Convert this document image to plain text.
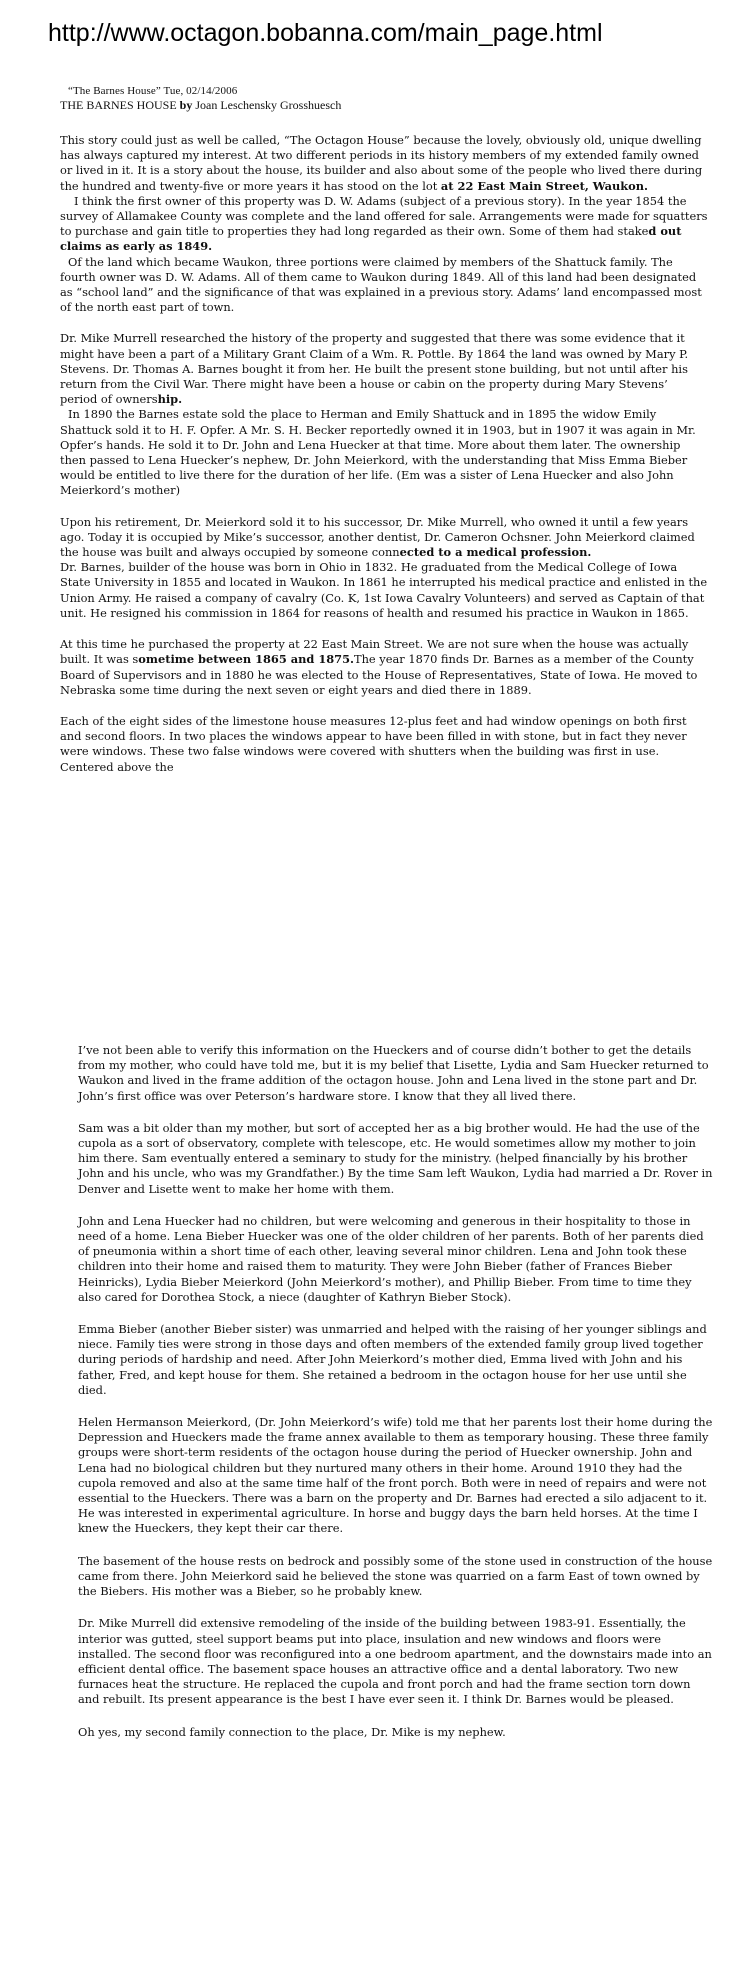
http://www.octagon.bobanna.com/main_page.html
“The Barnes House” Tue, 02/14/2006
THE BARNES HOUSE by Joan Leschensky Grosshuesch

This story could just as well be called, “The Octagon House” because the lovely, obviously old, unique dwelling has always captured my interest. At two different periods in its history members of my extended family owned or lived in it. It is a story about the house, its builder and also about some of the people who lived there during the hundred and twenty-five or more years it has stood on the lot at 22 East Main Street, Waukon.

I think the first owner of this property was D. W. Adams (subject of a previous story). In the year 1854 the survey of Allamakee County was complete and the land offered for sale. Arrangements were made for squatters to purchase and gain title to properties they had long regarded as their own. Some of them had staked out claims as early as 1849.

Of the land which became Waukon, three portions were claimed by members of the Shattuck family. The fourth owner was D. W. Adams. All of them came to Waukon during 1849. All of this land had been designated as “school land” and the significance of that was explained in a previous story. Adams’ land encompassed most of the north east part of town.

Dr. Mike Murrell researched the history of the property and suggested that there was some evidence that it might have been a part of a Military Grant Claim of a Wm. R. Pottle. By 1864 the land was owned by Mary P. Stevens. Dr. Thomas A. Barnes bought it from her. He built the present stone building, but not until after his return from the Civil War. There might have been a house or cabin on the property during Mary Stevens’ period of ownership.

In 1890 the Barnes estate sold the place to Herman and Emily Shattuck and in 1895 the widow Emily Shattuck sold it to H. F. Opfer. A Mr. S. H. Becker reportedly owned it in 1903, but in 1907 it was again in Mr. Opfer’s hands. He sold it to Dr. John and Lena Huecker at that time. More about them later. The ownership then passed to Lena Huecker’s nephew, Dr. John Meierkord, with the understanding that Miss Emma Bieber would be entitled to live there for the duration of her life. (Em was a sister of Lena Huecker and also John Meierkord’s mother)

Upon his retirement, Dr. Meierkord sold it to his successor, Dr. Mike Murrell, who owned it until a few years ago. Today it is occupied by Mike’s successor, another dentist, Dr. Cameron Ochsner. John Meierkord claimed the house was built and always occupied by someone connected to a medical profession.

Dr. Barnes, builder of the house was born in Ohio in 1832. He graduated from the Medical College of Iowa State University in 1855 and located in Waukon. In 1861 he interrupted his medical practice and enlisted in the Union Army. He raised a company of cavalry (Co. K, 1st Iowa Cavalry Volunteers) and served as Captain of that unit. He resigned his commission in 1864 for reasons of health and resumed his practice in Waukon in 1865.

At this time he purchased the property at 22 East Main Street. We are not sure when the house was actually built. It was sometime between 1865 and 1875.The year 1870 finds Dr. Barnes as a member of the County Board of Supervisors and in 1880 he was elected to the House of Representatives, State of Iowa. He moved to Nebraska some time during the next seven or eight years and died there in 1889.

Each of the eight sides of the limestone house measures 12-plus feet and had window openings on both first and second floors. In two places the windows appear to have been filled in with stone, but in fact they never were windows. These two false windows were covered with shutters when the building was first in use. Centered above the

I’ve not been able to verify this information on the Hueckers and of course didn’t bother to get the details from my mother, who could have told me, but it is my belief that Lisette, Lydia and Sam Huecker returned to Waukon and lived in the frame addition of the octagon house. John and Lena lived in the stone part and Dr. John’s first office was over Peterson’s hardware store. I know that they all lived there.

Sam was a bit older than my mother, but sort of accepted her as a big brother would. He had the use of the cupola as a sort of observatory, complete with telescope, etc. He would sometimes allow my mother to join him there. Sam eventually entered a seminary to study for the ministry. (helped financially by his brother John and his uncle, who was my Grandfather.) By the time Sam left Waukon, Lydia had married a Dr. Rover in Denver and Lisette went to make her home with them.

John and Lena Huecker had no children, but were welcoming and generous in their hospitality to those in need of a home. Lena Bieber Huecker was one of the older children of her parents. Both of her parents died of pneumonia within a short time of each other, leaving several minor children. Lena and John took these children into their home and raised them to maturity. They were John Bieber (father of Frances Bieber Heinricks), Lydia Bieber Meierkord (John Meierkord’s mother), and Phillip Bieber. From time to time they also cared for Dorothea Stock, a niece (daughter of Kathryn Bieber Stock).

Emma Bieber (another Bieber sister) was unmarried and helped with the raising of her younger siblings and niece. Family ties were strong in those days and often members of the extended family group lived together during periods of hardship and need. After John Meierkord’s mother died, Emma lived with John and his father, Fred, and kept house for them. She retained a bedroom in the octagon house for her use until she died.

Helen Hermanson Meierkord, (Dr. John Meierkord’s wife) told me that her parents lost their home during the Depression and Hueckers made the frame annex available to them as temporary housing. These three family groups were short-term residents of the octagon house during the period of Huecker ownership. John and Lena had no biological children but they nurtured many others in their home. Around 1910 they had the cupola removed and also at the same time half of the front porch. Both were in need of repairs and were not essential to the Hueckers. There was a barn on the property and Dr. Barnes had erected a silo adjacent to it. He was interested in experimental agriculture. In horse and buggy days the barn held horses. At the time I knew the Hueckers, they kept their car there.

The basement of the house rests on bedrock and possibly some of the stone used in construction of the house came from there. John Meierkord said he believed the stone was quarried on a farm East of town owned by the Biebers. His mother was a Bieber, so he probably knew.

Dr. Mike Murrell did extensive remodeling of the inside of the building between 1983-91. Essentially, the interior was gutted, steel support beams put into place, insulation and new windows and floors were installed. The second floor was reconfigured into a one bedroom apartment, and the downstairs made into an efficient dental office. The basement space houses an attractive office and a dental laboratory. Two new furnaces heat the structure. He replaced the cupola and front porch and had the frame section torn down and rebuilt. Its present appearance is the best I have ever seen it. I think Dr. Barnes would be pleased.

Oh yes, my second family connection to the place, Dr. Mike is my nephew.
